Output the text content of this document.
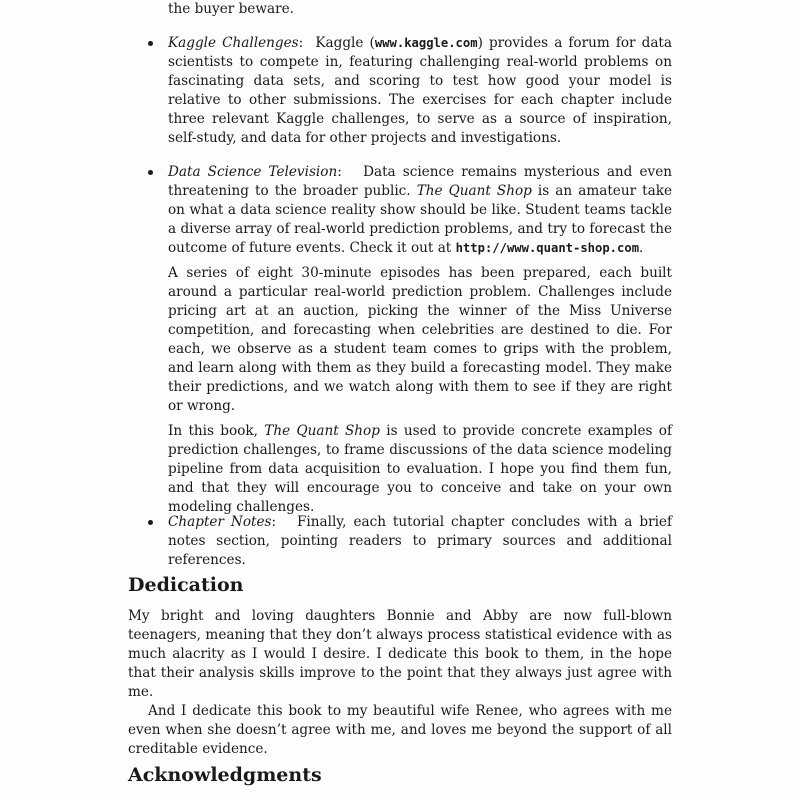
the buyer beware.

Kaggle Challenges:  Kaggle (www.kaggle.com) provides a forum for data scientists to compete in, featuring challenging real-world problems on fascinating data sets, and scoring to test how good your model is relative to other submissions. The exercises for each chapter include three relevant Kaggle challenges, to serve as a source of inspiration, self-study, and data for other projects and investigations.

Data Science Television:   Data science remains mysterious and even threatening to the broader public. The Quant Shop is an amateur take on what a data science reality show should be like. Student teams tackle a diverse array of real-world prediction problems, and try to forecast the outcome of future events. Check it out at http://www.quant-shop.com.

A series of eight 30-minute episodes has been prepared, each built around a particular real-world prediction problem. Challenges include pricing art at an auction, picking the winner of the Miss Universe competition, and forecasting when celebrities are destined to die. For each, we observe as a student team comes to grips with the problem, and learn along with them as they build a forecasting model. They make their predictions, and we watch along with them to see if they are right or wrong.

In this book, The Quant Shop is used to provide concrete examples of prediction challenges, to frame discussions of the data science modeling pipeline from data acquisition to evaluation. I hope you find them fun, and that they will encourage you to conceive and take on your own modeling challenges.

Chapter Notes:   Finally, each tutorial chapter concludes with a brief notes section, pointing readers to primary sources and additional references.

Dedication

My bright and loving daughters Bonnie and Abby are now full-blown teenagers, meaning that they don’t always process statistical evidence with as much alacrity as I would I desire. I dedicate this book to them, in the hope that their analysis skills improve to the point that they always just agree with me.

And I dedicate this book to my beautiful wife Renee, who agrees with me even when she doesn’t agree with me, and loves me beyond the support of all creditable evidence.

Acknowledgments
